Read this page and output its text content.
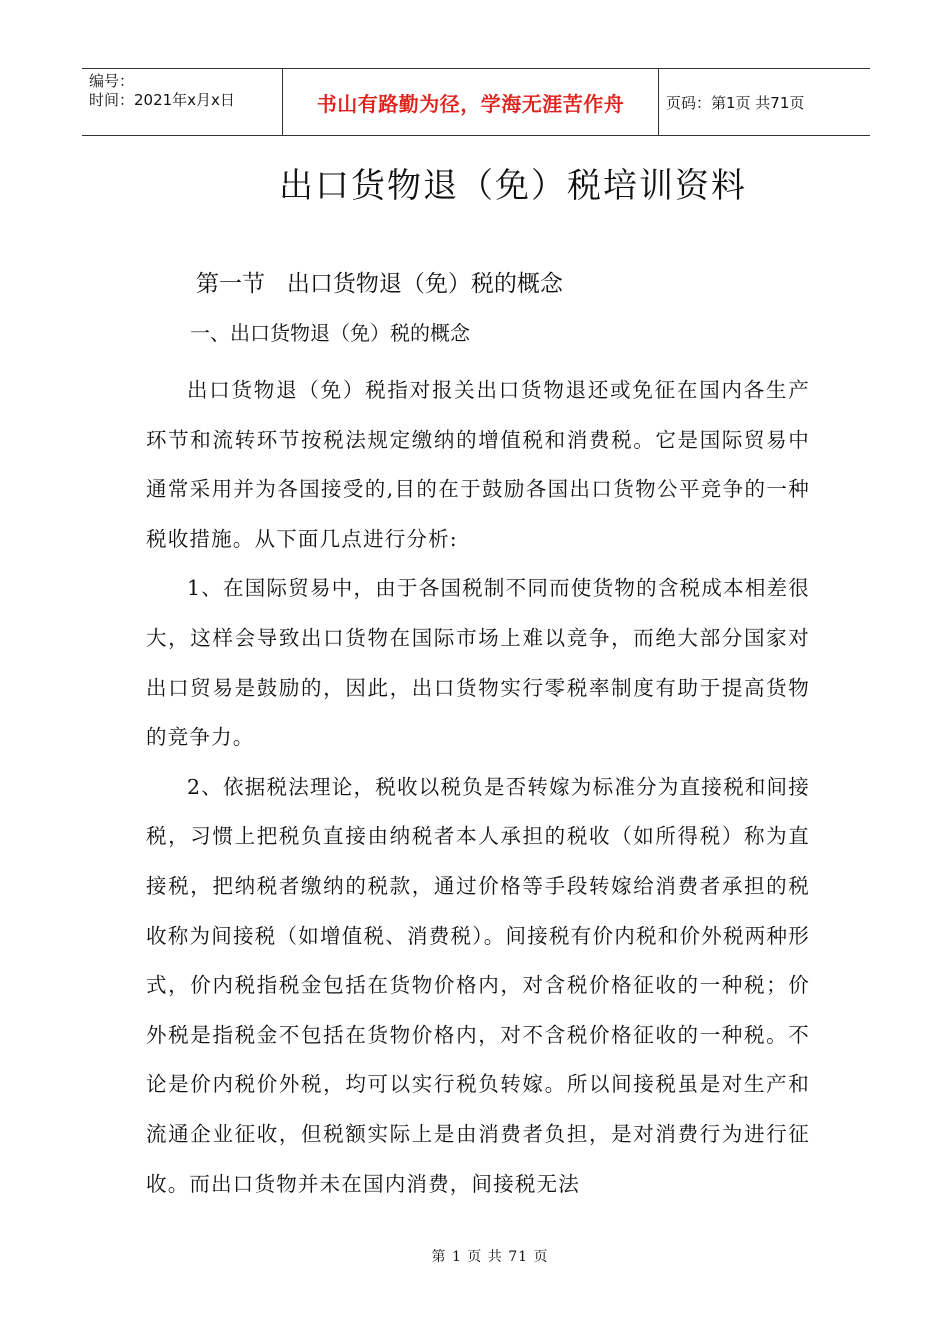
编号：
时间：2021年x月x日	书山有路勤为径，学海无涯苦作舟	页码：第1页 共71页
出口货物退（免）税培训资料
第一节   出口货物退（免）税的概念
一、出口货物退（免）税的概念

出口货物退（免）税指对报关出口货物退还或免征在国内各生产环节和流转环节按税法规定缴纳的增值税和消费税。它是国际贸易中通常采用并为各国接受的,目的在于鼓励各国出口货物公平竞争的一种税收措施。从下面几点进行分析:

1、在国际贸易中，由于各国税制不同而使货物的含税成本相差很大，这样会导致出口货物在国际市场上难以竞争，而绝大部分国家对出口贸易是鼓励的，因此，出口货物实行零税率制度有助于提高货物的竞争力。

2、依据税法理论，税收以税负是否转嫁为标准分为直接税和间接税，习惯上把税负直接由纳税者本人承担的税收（如所得税）称为直接税，把纳税者缴纳的税款，通过价格等手段转嫁给消费者承担的税收称为间接税（如增值税、消费税）。间接税有价内税和价外税两种形式，价内税指税金包括在货物价格内，对含税价格征收的一种税；价外税是指税金不包括在货物价格内，对不含税价格征收的一种税。不论是价内税价外税，均可以实行税负转嫁。所以间接税虽是对生产和流通企业征收，但税额实际上是由消费者负担，是对消费行为进行征收。而出口货物并未在国内消费，间接税无法

第 1 页 共 71 页
